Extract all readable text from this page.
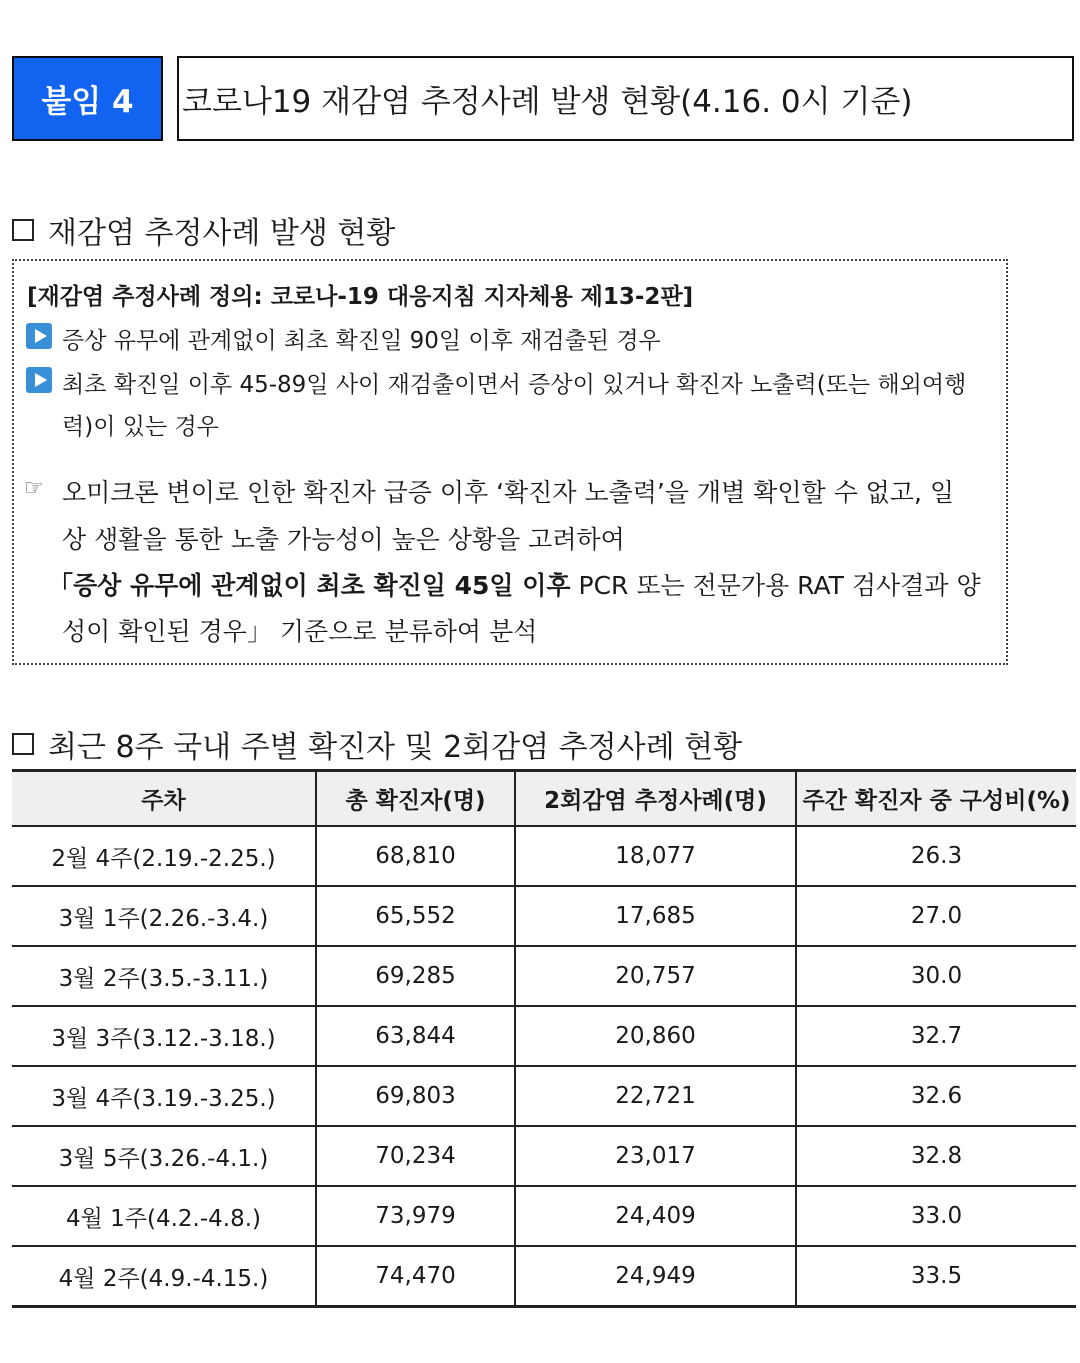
붙임 4	코로나19 재감염 추정사례 발생 현황(4.16. 0시 기준)
재감염 추정사례 발생 현황
[재감염 추정사례 정의: 코로나-19 대응지침 지자체용 제13-2판]
증상 유무에 관계없이 최초 확진일 90일 이후 재검출된 경우
최초 확진일 이후 45-89일 사이 재검출이면서 증상이 있거나 확진자 노출력(또는 해외여행
력)이 있는 경우
☞ 오미크론 변이로 인한 확진자 급증 이후 ‘확진자 노출력’을 개별 확인할 수 없고, 일
상 생활을 통한 노출 가능성이 높은 상황을 고려하여
「증상 유무에 관계없이 최초 확진일 45일 이후 PCR 또는 전문가용 RAT 검사결과 양
성이 확인된 경우」 기준으로 분류하여 분석
최근 8주 국내 주별 확진자 및 2회감염 추정사례 현황
주차	총 확진자(명)	2회감염 추정사례(명)	주간 확진자 중 구성비(%)
2월 4주(2.19.-2.25.)	68,810	18,077	26.3
3월 1주(2.26.-3.4.)	65,552	17,685	27.0
3월 2주(3.5.-3.11.)	69,285	20,757	30.0
3월 3주(3.12.-3.18.)	63,844	20,860	32.7
3월 4주(3.19.-3.25.)	69,803	22,721	32.6
3월 5주(3.26.-4.1.)	70,234	23,017	32.8
4월 1주(4.2.-4.8.)	73,979	24,409	33.0
4월 2주(4.9.-4.15.)	74,470	24,949	33.5
